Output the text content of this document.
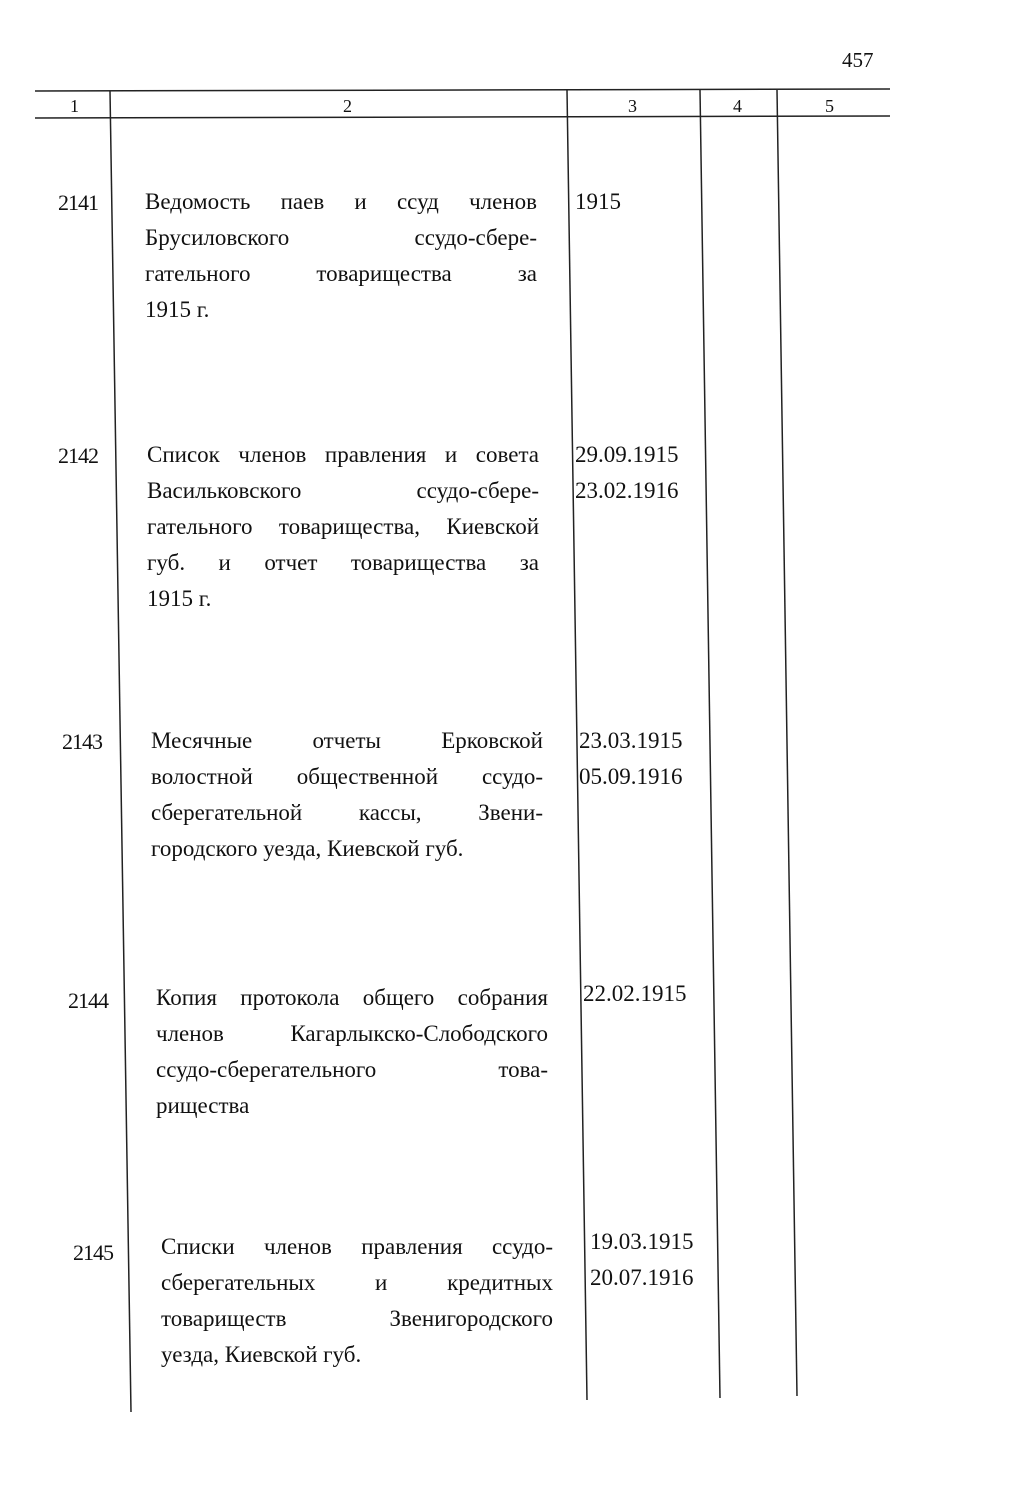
457
1	2	3	4	5
2141 Ведомость паев и ссуд членов
Брусиловского ссудо-сбере-
гательного товарищества за
1915 г.
1915
2142 Список членов правления и совета
Васильковского ссудо-сбере-
гательного товарищества, Киевской
губ. и отчет товарищества за
1915 г.
29.09.1915
23.02.1916
2143 Месячные отчеты Ерковской
волостной общественной ссудо-
сберегательной кассы, Звени-
городского уезда, Киевской губ.
23.03.1915
05.09.1916
2144 Копия протокола общего собрания
членов Кагарлыкско-Слободского
ссудо-сберегательного това-
рищества
22.02.1915
2145 Списки членов правления ссудо-
сберегательных и кредитных
товариществ Звенигородского
уезда, Киевской губ.
19.03.1915
20.07.1916
